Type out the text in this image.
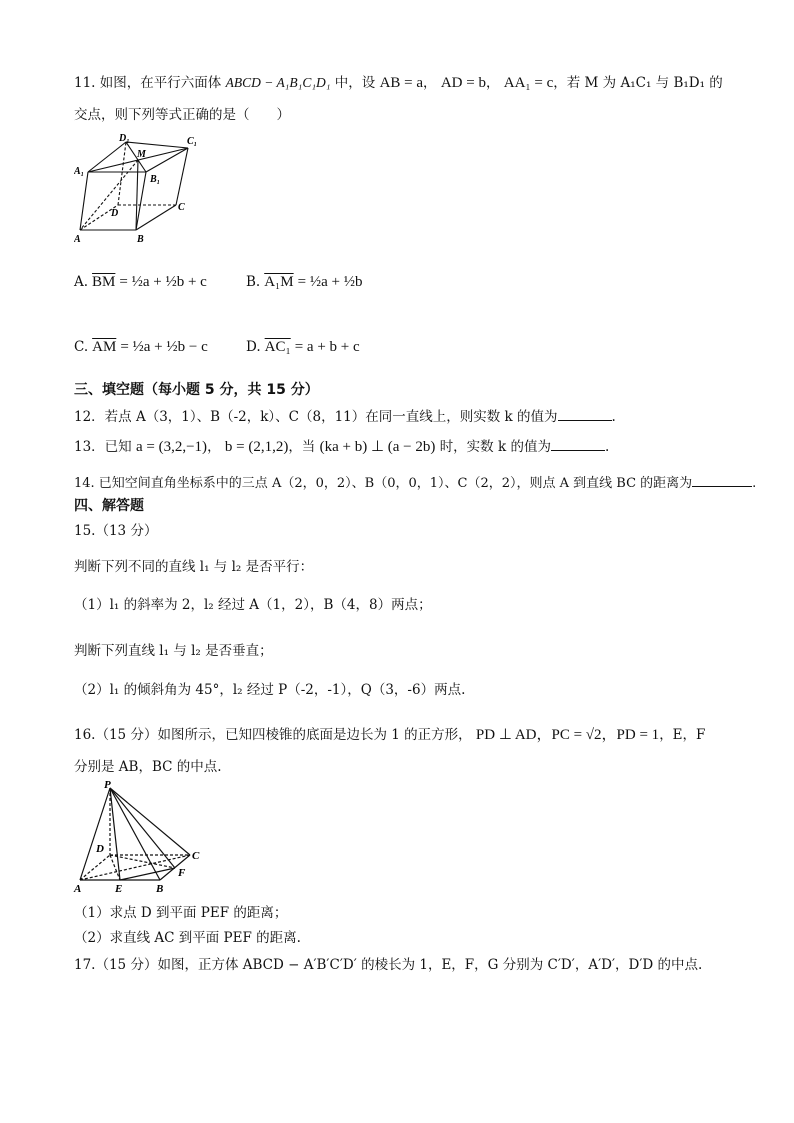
11. 如图，在平行六面体 ABCD − A₁B₁C₁D₁ 中，设 AB = a， AD = b， AA₁ = c，若 M 为 A₁C₁ 与 B₁D₁ 的
交点，则下列等式正确的是（　　）
D₁
M
C₁
A₁
B₁
D
C
A	B
A. $\overline{BM}$ = ½a + ½b + c	B. A₁M = ½a + ½b
C. $\overline{AM}$ = ½a + ½b − c	D. AC₁ = a + b + c
三、填空题（每小题 5 分，共 15 分）
12．若点 A（3，1）、B（-2，k）、C（8，11）在同一直线上，则实数 k 的值为	.
13．已知 a = (3,2,−1)， b = (2,1,2)，当 (ka + b) ⊥ (a − 2b) 时，实数 k 的值为	.
14. 已知空间直角坐标系中的三点 A（2，0，2）、B（0，0，1）、C（2，2），则点 A 到直线 BC 的距离为	.
四、解答题
15.（13 分）
判断下列不同的直线 l₁ 与 l₂ 是否平行：
（1）l₁ 的斜率为 2，l₂ 经过 A（1，2），B（4，8）两点；
判断下列直线 l₁ 与 l₂ 是否垂直；
（2）l₁ 的倾斜角为 45°，l₂ 经过 P（-2，-1），Q（3，-6）两点.
16.（15 分）如图所示，已知四棱锥的底面是边长为 1 的正方形， PD ⊥ AD，PC = √2，PD = 1，E，F
分别是 AB，BC 的中点.
P
D
C
A	E	B
F
（1）求点 D 到平面 PEF 的距离；
（2）求直线 AC 到平面 PEF 的距离.
17.（15 分）如图，正方体 ABCD − A′B′C′D′ 的棱长为 1，E，F，G 分别为 C′D′，A′D′，D′D 的中点.
